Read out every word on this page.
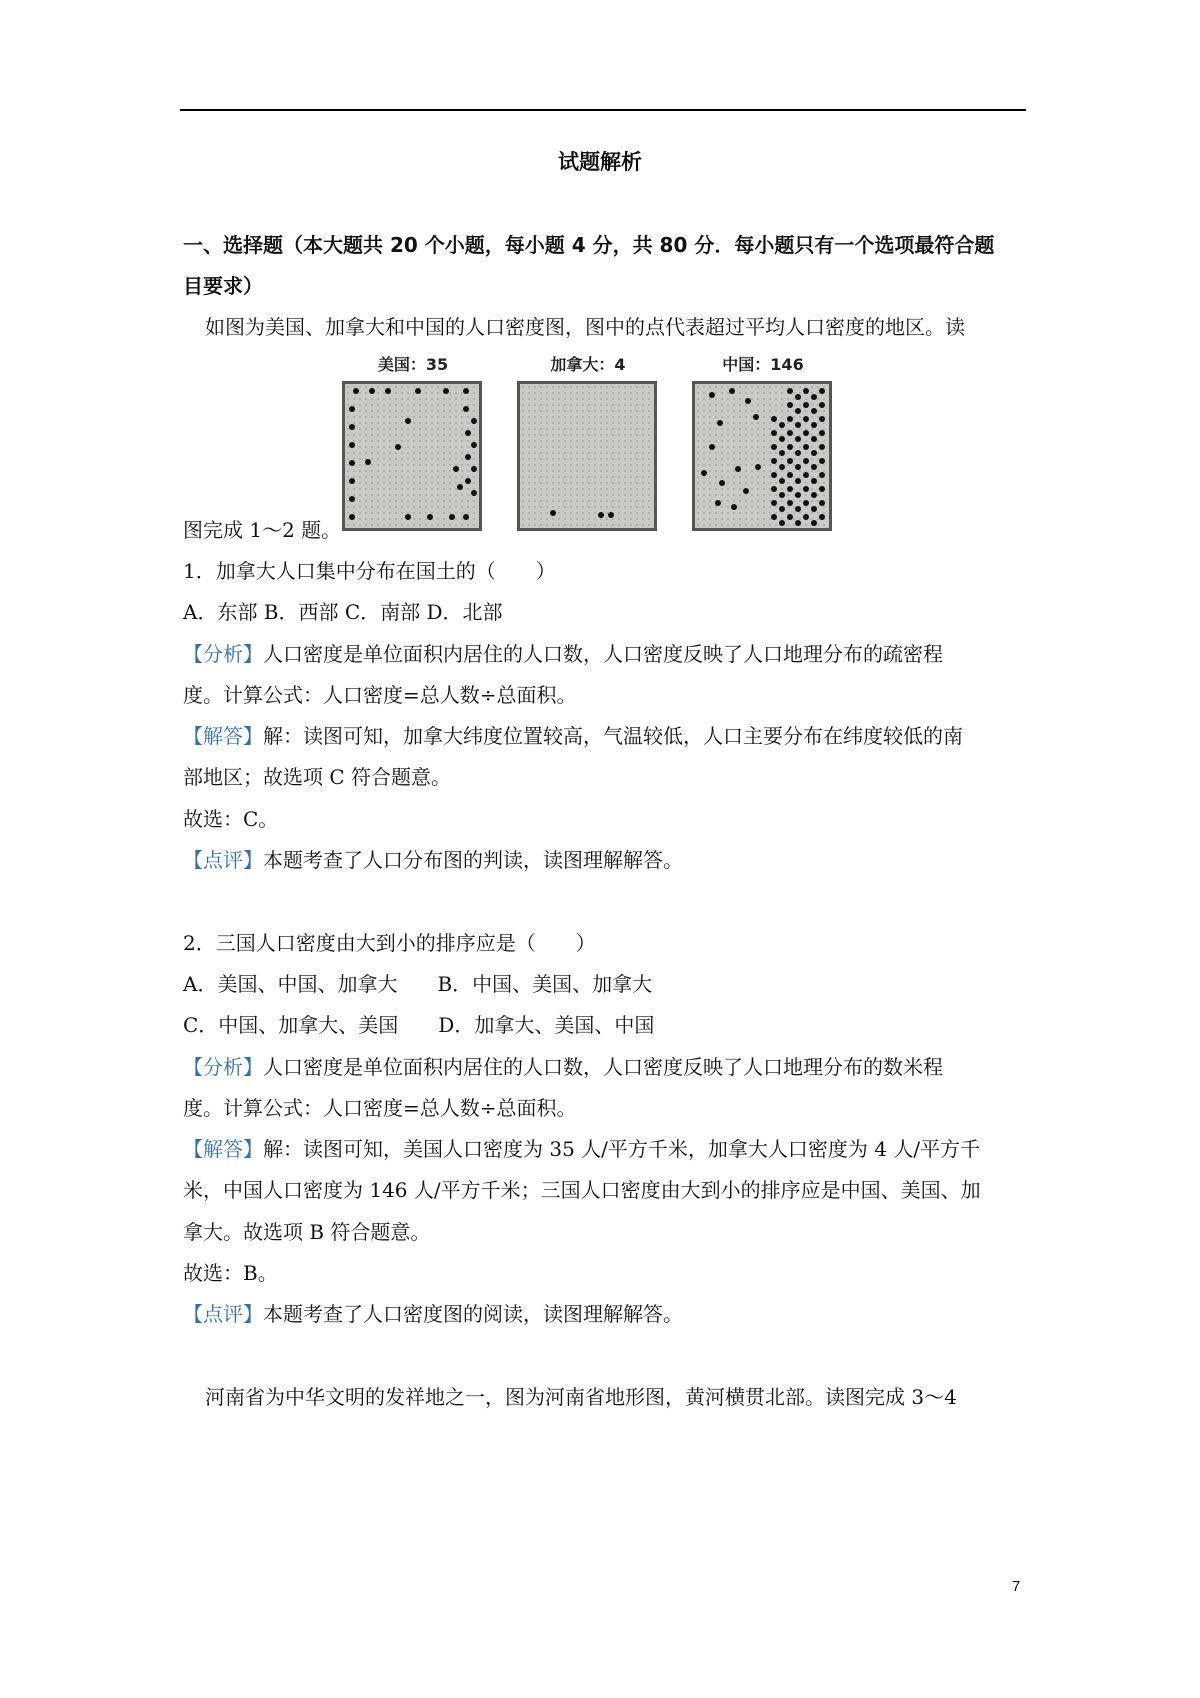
试题解析
一、选择题（本大题共 20 个小题，每小题 4 分，共 80 分．每小题只有一个选项最符合题
目要求）
如图为美国、加拿大和中国的人口密度图，图中的点代表超过平均人口密度的地区。读
美国：35	加拿大：4	中国：146
图完成 1～2 题。
1．加拿大人口集中分布在国土的（　　）
A．东部 B．西部 C．南部 D．北部
【分析】人口密度是单位面积内居住的人口数，人口密度反映了人口地理分布的疏密程
度。计算公式：人口密度=总人数÷总面积。
【解答】解：读图可知，加拿大纬度位置较高，气温较低，人口主要分布在纬度较低的南
部地区；故选项 C 符合题意。
故选：C。
【点评】本题考查了人口分布图的判读，读图理解解答。
2．三国人口密度由大到小的排序应是（　　）
A．美国、中国、加拿大　　B．中国、美国、加拿大
C．中国、加拿大、美国　　D．加拿大、美国、中国
【分析】人口密度是单位面积内居住的人口数，人口密度反映了人口地理分布的数米程
度。计算公式：人口密度=总人数÷总面积。
【解答】解：读图可知，美国人口密度为 35 人/平方千米，加拿大人口密度为 4 人/平方千
米，中国人口密度为 146 人/平方千米；三国人口密度由大到小的排序应是中国、美国、加
拿大。故选项 B 符合题意。
故选：B。
【点评】本题考查了人口密度图的阅读，读图理解解答。
河南省为中华文明的发祥地之一，图为河南省地形图，黄河横贯北部。读图完成 3～4
7
